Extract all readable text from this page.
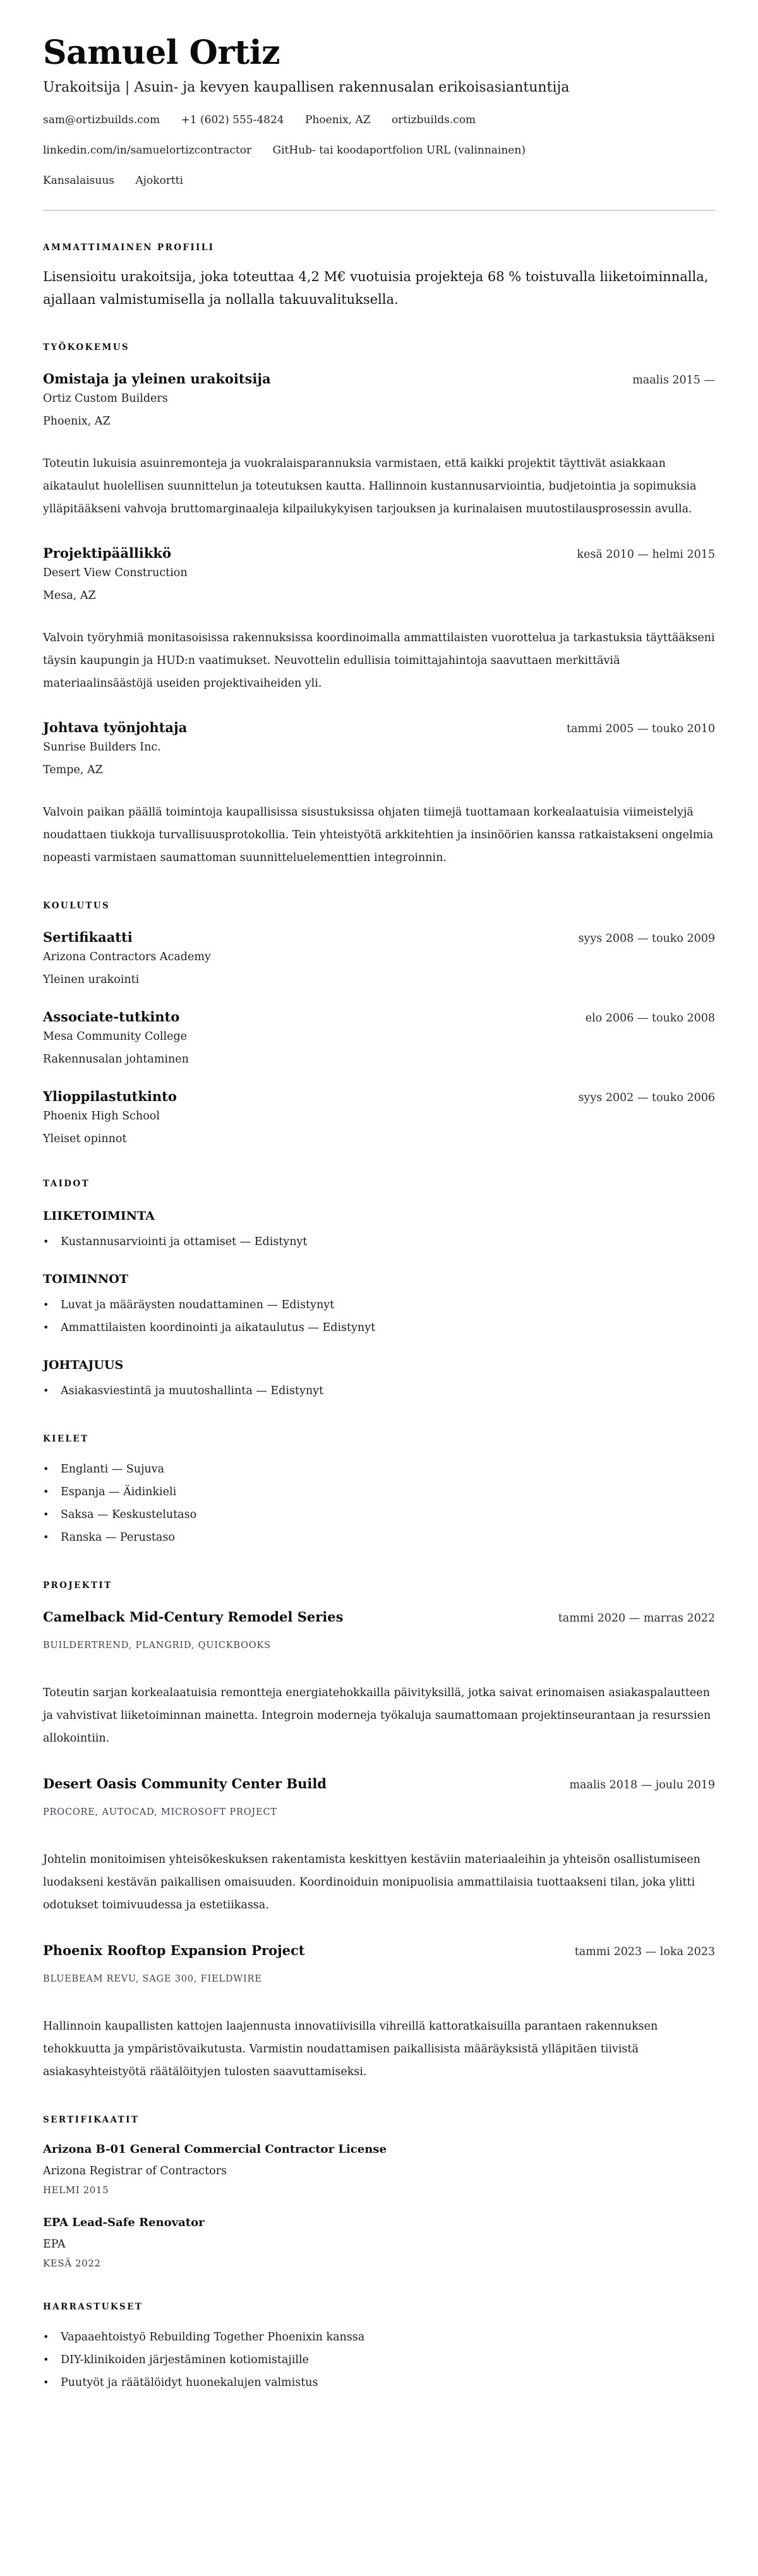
Samuel Ortiz

Urakoitsija | Asuin- ja kevyen kaupallisen rakennusalan erikoisasiantuntija

sam@ortizbuilds.com +1 (602) 555-4824 Phoenix, AZ ortizbuilds.com
linkedin.com/in/samuelortizcontractor GitHub- tai koodaportfolion URL (valinnainen)
Kansalaisuus Ajokortti
AMMATTIMAINEN PROFIILI

Lisensioitu urakoitsija, joka toteuttaa 4,2 M€ vuotuisia projekteja 68 % toistuvalla liiketoiminnalla, ajallaan valmistumisella ja nollalla takuuvalituksella.

TYÖKOKEMUS
Omistaja ja yleinen urakoitsija	maalis 2015 —
Ortiz Custom Builders
Phoenix, AZ
Toteutin lukuisia asuinremonteja ja vuokralaisparannuksia varmistaen, että kaikki projektit täyttivät asiakkaan aikataulut huolellisen suunnittelun ja toteutuksen kautta. Hallinnoin kustannusarviointia, budjetointia ja sopimuksia ylläpitääkseni vahvoja bruttomarginaaleja kilpailukykyisen tarjouksen ja kurinalaisen muutostilausprosessin avulla.
Projektipäällikkö	kesä 2010 — helmi 2015
Desert View Construction
Mesa, AZ
Valvoin työryhmiä monitasoisissa rakennuksissa koordinoimalla ammattilaisten vuorottelua ja tarkastuksia täyttääkseni täysin kaupungin ja HUD:n vaatimukset. Neuvottelin edullisia toimittajahintoja saavuttaen merkittäviä materiaalinsäästöjä useiden projektivaiheiden yli.
Johtava työnjohtaja	tammi 2005 — touko 2010
Sunrise Builders Inc.
Tempe, AZ
Valvoin paikan päällä toimintoja kaupallisissa sisustuksissa ohjaten tiimejä tuottamaan korkealaatuisia viimeistelyjä noudattaen tiukkoja turvallisuusprotokollia. Tein yhteistyötä arkkitehtien ja insinöörien kanssa ratkaistakseni ongelmia nopeasti varmistaen saumattoman suunnitteluelementtien integroinnin.
KOULUTUS
Sertifikaatti	syys 2008 — touko 2009
Arizona Contractors Academy
Yleinen urakointi
Associate-tutkinto	elo 2006 — touko 2008
Mesa Community College
Rakennusalan johtaminen
Ylioppilastutkinto	syys 2002 — touko 2006
Phoenix High School
Yleiset opinnot
TAIDOT
LIIKETOIMINTA
• Kustannusarviointi ja ottamiset — Edistynyt
TOIMINNOT
• Luvat ja määräysten noudattaminen — Edistynyt
• Ammattilaisten koordinointi ja aikataulutus — Edistynyt
JOHTAJUUS
• Asiakasviestintä ja muutoshallinta — Edistynyt
KIELET
• Englanti — Sujuva
• Espanja — Äidinkieli
• Saksa — Keskustelutaso
• Ranska — Perustaso
PROJEKTIT
Camelback Mid-Century Remodel Series	tammi 2020 — marras 2022
BUILDERTREND, PLANGRID, QUICKBOOKS
Toteutin sarjan korkealaatuisia remontteja energiatehokkailla päivityksillä, jotka saivat erinomaisen asiakaspalautteen ja vahvistivat liiketoiminnan mainetta. Integroin moderneja työkaluja saumattomaan projektinseurantaan ja resurssien allokointiin.
Desert Oasis Community Center Build	maalis 2018 — joulu 2019
PROCORE, AUTOCAD, MICROSOFT PROJECT
Johtelin monitoimisen yhteisökeskuksen rakentamista keskittyen kestäviin materiaaleihin ja yhteisön osallistumiseen luodakseni kestävän paikallisen omaisuuden. Koordinoiduin monipuolisia ammattilaisia tuottaakseni tilan, joka ylitti odotukset toimivuudessa ja estetiikassa.
Phoenix Rooftop Expansion Project	tammi 2023 — loka 2023
BLUEBEAM REVU, SAGE 300, FIELDWIRE
Hallinnoin kaupallisten kattojen laajennusta innovatiivisilla vihreillä kattoratkaisuilla parantaen rakennuksen tehokkuutta ja ympäristövaikutusta. Varmistin noudattamisen paikallisista määräyksistä ylläpitäen tiivistä asiakasyhteistyötä räätälöityjen tulosten saavuttamiseksi.
SERTIFIKAATIT
Arizona B-01 General Commercial Contractor License
Arizona Registrar of Contractors
HELMI 2015
EPA Lead-Safe Renovator
EPA
KESÄ 2022
HARRASTUKSET
• Vapaaehtoistyö Rebuilding Together Phoenixin kanssa
• DIY-klinikoiden järjestäminen kotiomistajille
• Puutyöt ja räätälöidyt huonekalujen valmistus
